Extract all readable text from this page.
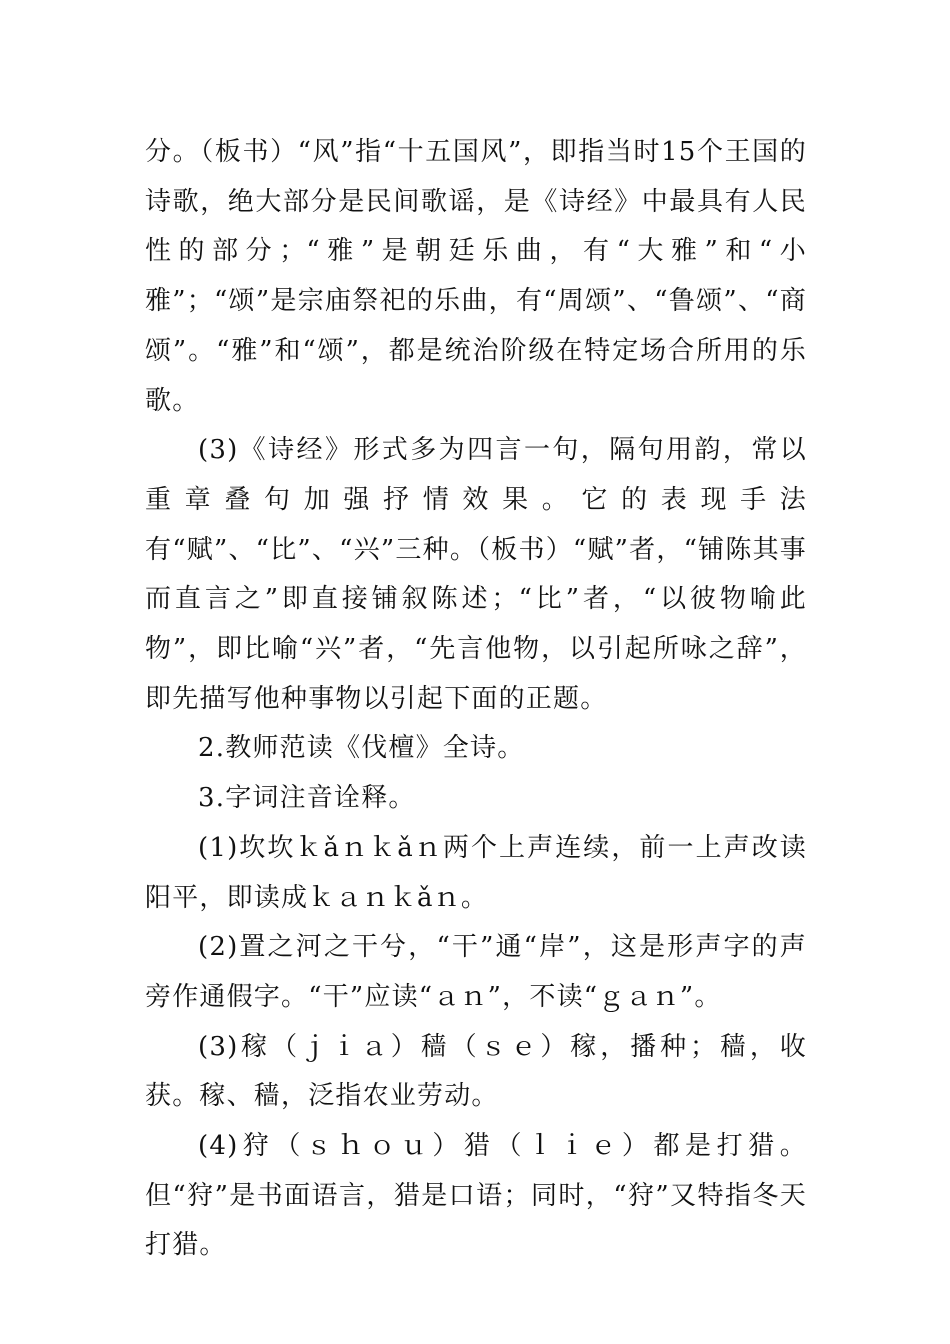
分。（板书）“风”指“十五国风”，即指当时15个王国的诗歌，绝大部分是民间歌谣，是《诗经》中最具有人民性的部分；“雅”是朝廷乐曲，有“大雅”和“小雅”；“颂”是宗庙祭祀的乐曲，有“周颂”、“鲁颂”、“商颂”。“雅”和“颂”，都是统治阶级在特定场合所用的乐歌。

(3)《诗经》形式多为四言一句，隔句用韵，常以重章叠句加强抒情效果。它的表现手法有“赋”、“比”、“兴”三种。（板书）“赋”者，“铺陈其事而直言之”即直接铺叙陈述；“比”者，“以彼物喻此物”，即比喻“兴”者，“先言他物，以引起所咏之辞”，即先描写他种事物以引起下面的正题。

2.教师范读《伐檀》全诗。

3.字词注音诠释。

(1)坎坎ｋǎｎｋǎｎ两个上声连续，前一上声改读阳平，即读成ｋａｎｋǎｎ。

(2)置之河之干兮，“干”通“岸”，这是形声字的声旁作通假字。“干”应读“ａｎ”，不读“ｇａｎ”。

(3)稼（ｊｉａ）穑（ｓｅ）稼，播种；穑，收获。稼、穑，泛指农业劳动。

(4)狩（ｓｈｏｕ）猎（ｌｉｅ）都是打猎。但“狩”是书面语言，猎是口语；同时，“狩”又特指冬天打猎。
